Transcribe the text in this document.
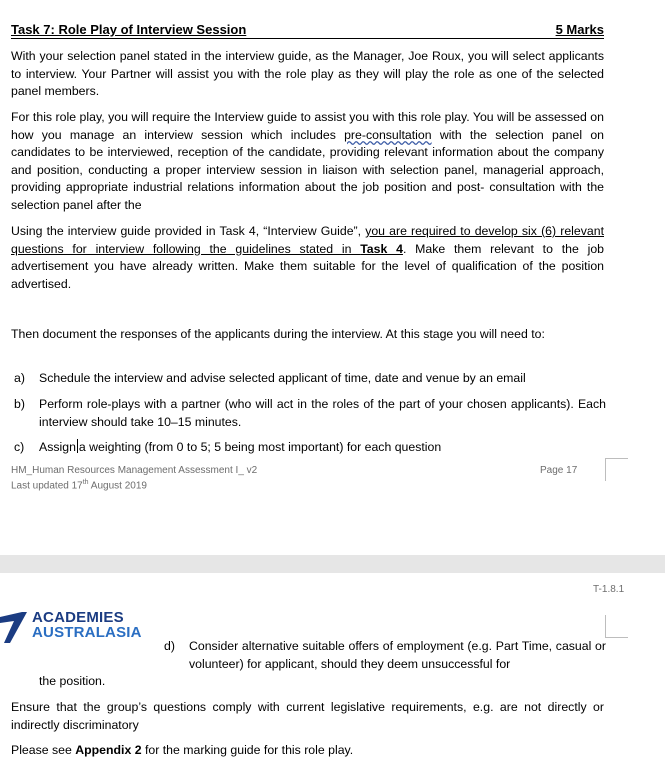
Task 7: Role Play of Interview Session	5 Marks
With your selection panel stated in the interview guide, as the Manager, Joe Roux, you will select applicants to interview. Your Partner will assist you with the role play as they will play the role as one of the selected panel members.
For this role play, you will require the Interview guide to assist you with this role play. You will be assessed on how you manage an interview session which includes pre-consultation with the selection panel on candidates to be interviewed, reception of the candidate, providing relevant information about the company and position, conducting a proper interview session in liaison with selection panel, managerial approach, providing appropriate industrial relations information about the job position and post- consultation with the selection panel after the
Using the interview guide provided in Task 4, “Interview Guide”, you are required to develop six (6) relevant questions for interview following the guidelines stated in Task 4. Make them relevant to the job advertisement you have already written. Make them suitable for the level of qualification of the position advertised.
Then document the responses of the applicants during the interview. At this stage you will need to:
a)	Schedule the interview and advise selected applicant of time, date and venue by an email
b)	Perform role-plays with a partner (who will act in the roles of the part of your chosen applicants). Each interview should take 10–15 minutes.
c)	Assign a weighting (from 0 to 5; 5 being most important) for each question
HM_Human Resources Management Assessment I_ v2
Last updated 17th August 2019
Page 17
T-1.8.1
ACADEMIES
AUSTRALASIA
d)	Consider alternative suitable offers of employment (e.g. Part Time, casual or volunteer) for applicant, should they deem unsuccessful for
the position.
Ensure that the group’s questions comply with current legislative requirements, e.g. are not directly or indirectly discriminatory
Please see Appendix 2 for the marking guide for this role play.
